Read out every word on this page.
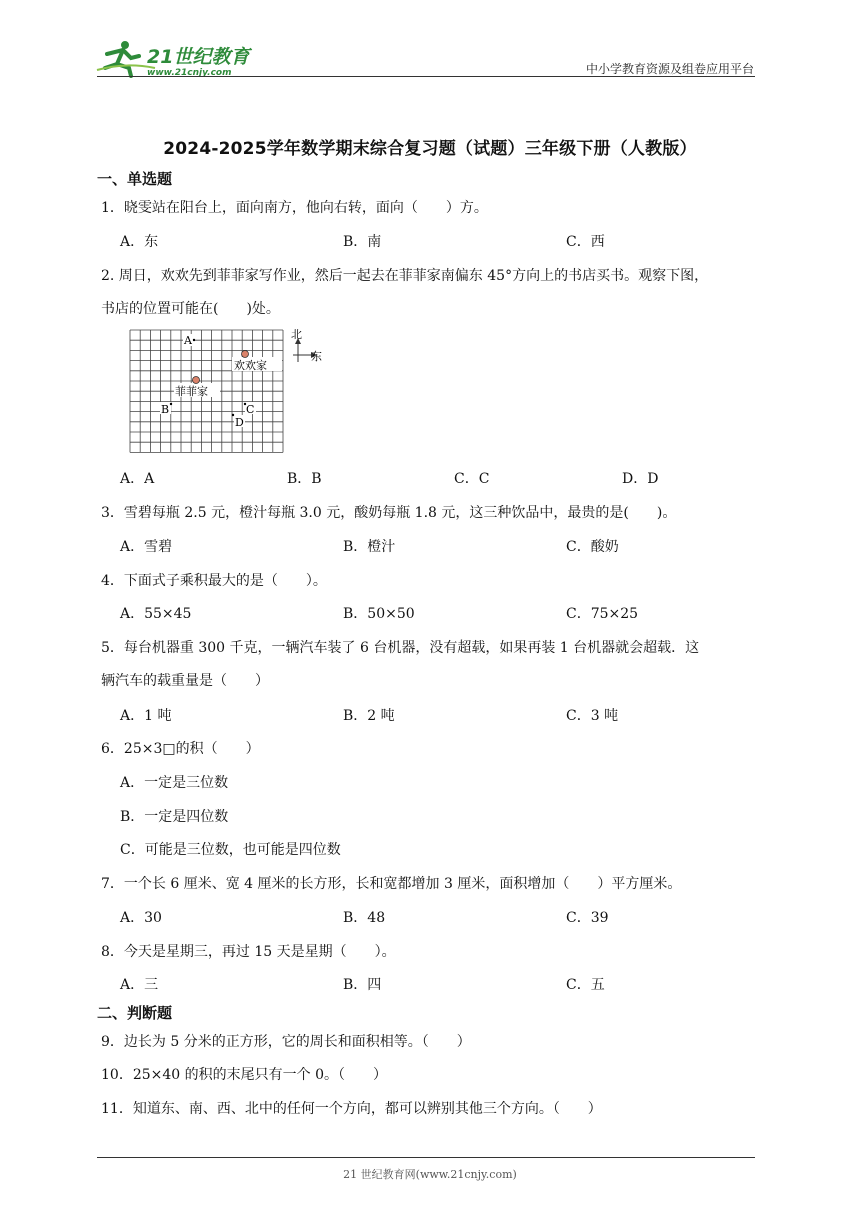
21世纪教育
www.21cnjy.com	中小学教育资源及组卷应用平台
2024-2025学年数学期末综合复习题（试题）三年级下册（人教版）
一、单选题
1．晓雯站在阳台上，面向南方，他向右转，面向（　　）方。
A．东	B．南	C．西
2. 周日，欢欢先到菲菲家写作业，然后一起去在菲菲家南偏东 45°方向上的书店买书。观察下图，
书店的位置可能在(　　)处。
北
东
欢欢家
菲菲家
A
B	C
D
A．A	B．B	C．C	D．D
3．雪碧每瓶 2.5 元，橙汁每瓶 3.0 元，酸奶每瓶 1.8 元，这三种饮品中，最贵的是(　　)。
A．雪碧	B．橙汁	C．酸奶
4．下面式子乘积最大的是（　　）。
A．55×45	B．50×50	C．75×25
5．每台机器重 300 千克，一辆汽车装了 6 台机器，没有超载，如果再装 1 台机器就会超载．这
辆汽车的载重量是（　　）
A．1 吨	B．2 吨	C．3 吨
6．25×3□的积（　　）
A．一定是三位数
B．一定是四位数
C．可能是三位数，也可能是四位数
7．一个长 6 厘米、宽 4 厘米的长方形，长和宽都增加 3 厘米，面积增加（　　）平方厘米。
A．30	B．48	C．39
8．今天是星期三，再过 15 天是星期（　　）。
A．三	B．四	C．五
二、判断题
9．边长为 5 分米的正方形，它的周长和面积相等。（　　）
10．25×40 的积的末尾只有一个 0。（　　）
11．知道东、南、西、北中的任何一个方向，都可以辨别其他三个方向。（　　）
21 世纪教育网(www.21cnjy.com)
